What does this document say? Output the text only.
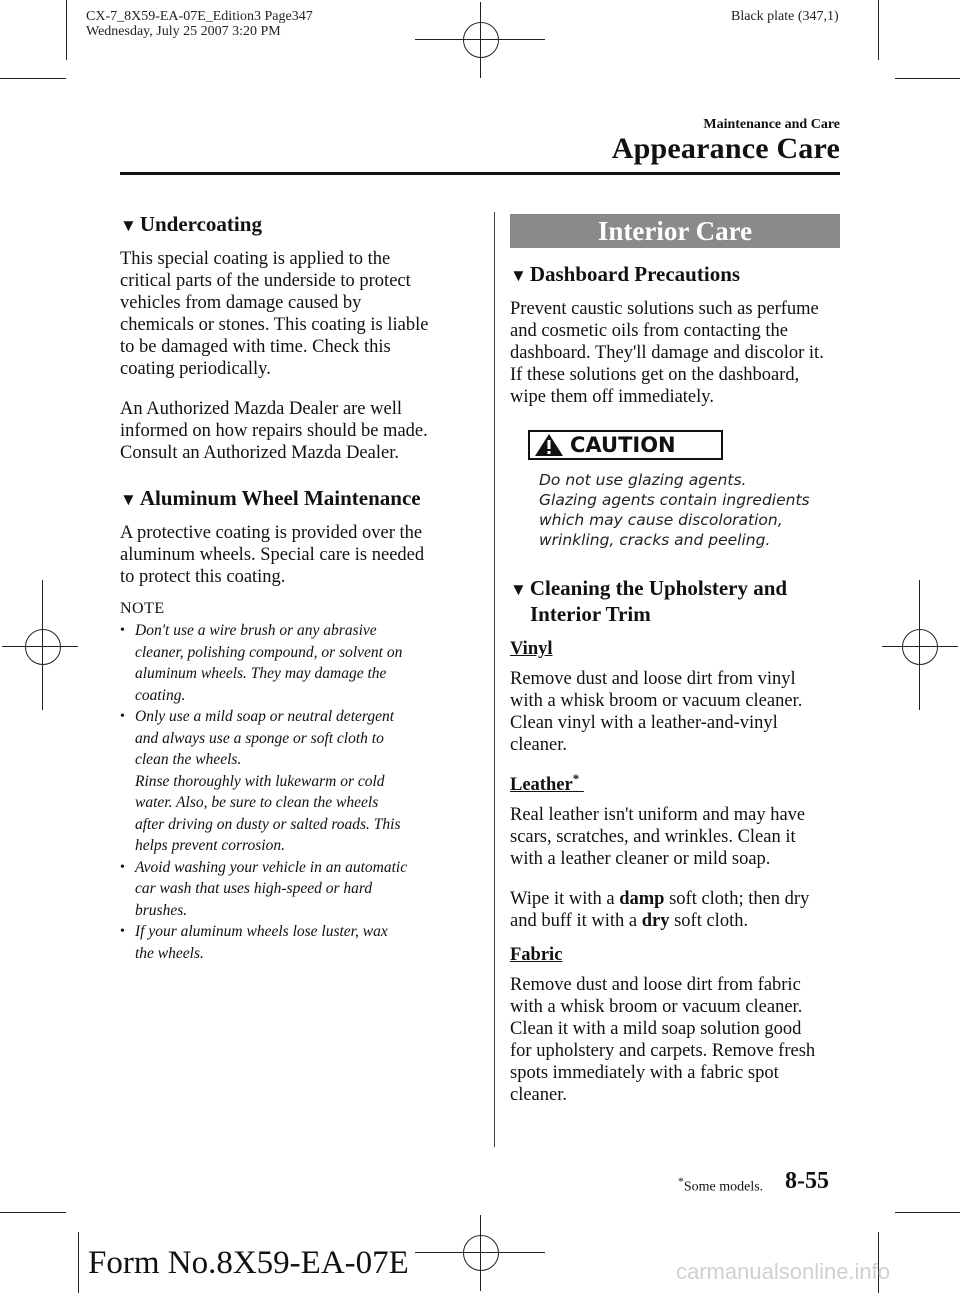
CX-7_8X59-EA-07E_Edition3 Page347
Wednesday, July 25 2007 3:20 PM
Black plate (347,1)
Maintenance and Care
Appearance Care
▼ Undercoating

This special coating is applied to the
critical parts of the underside to protect
vehicles from damage caused by
chemicals or stones. This coating is liable
to be damaged with time. Check this
coating periodically.

An Authorized Mazda Dealer are well
informed on how repairs should be made.
Consult an Authorized Mazda Dealer.

▼ Aluminum Wheel Maintenance

A protective coating is provided over the
aluminum wheels. Special care is needed
to protect this coating.

NOTE
• Don't use a wire brush or any abrasive
cleaner, polishing compound, or solvent on
aluminum wheels. They may damage the
coating.
• Only use a mild soap or neutral detergent
and always use a sponge or soft cloth to
clean the wheels.
Rinse thoroughly with lukewarm or cold
water. Also, be sure to clean the wheels
after driving on dusty or salted roads. This
helps prevent corrosion.
• Avoid washing your vehicle in an automatic
car wash that uses high-speed or hard
brushes.
• If your aluminum wheels lose luster, wax
the wheels.
Interior Care
▼ Dashboard Precautions

Prevent caustic solutions such as perfume
and cosmetic oils from contacting the
dashboard. They'll damage and discolor it.
If these solutions get on the dashboard,
wipe them off immediately.

CAUTION
Do not use glazing agents.
Glazing agents contain ingredients
which may cause discoloration,
wrinkling, cracks and peeling.
▼ Cleaning the Upholstery and
Interior Trim
Vinyl

Remove dust and loose dirt from vinyl
with a whisk broom or vacuum cleaner.
Clean vinyl with a leather-and-vinyl
cleaner.

Leather*

Real leather isn't uniform and may have
scars, scratches, and wrinkles. Clean it
with a leather cleaner or mild soap.

Wipe it with a damp soft cloth; then dry
and buff it with a dry soft cloth.

Fabric

Remove dust and loose dirt from fabric
with a whisk broom or vacuum cleaner.
Clean it with a mild soap solution good
for upholstery and carpets. Remove fresh
spots immediately with a fabric spot
cleaner.

*Some models. 8-55
Form No.8X59-EA-07E	carmanualsonline.info
